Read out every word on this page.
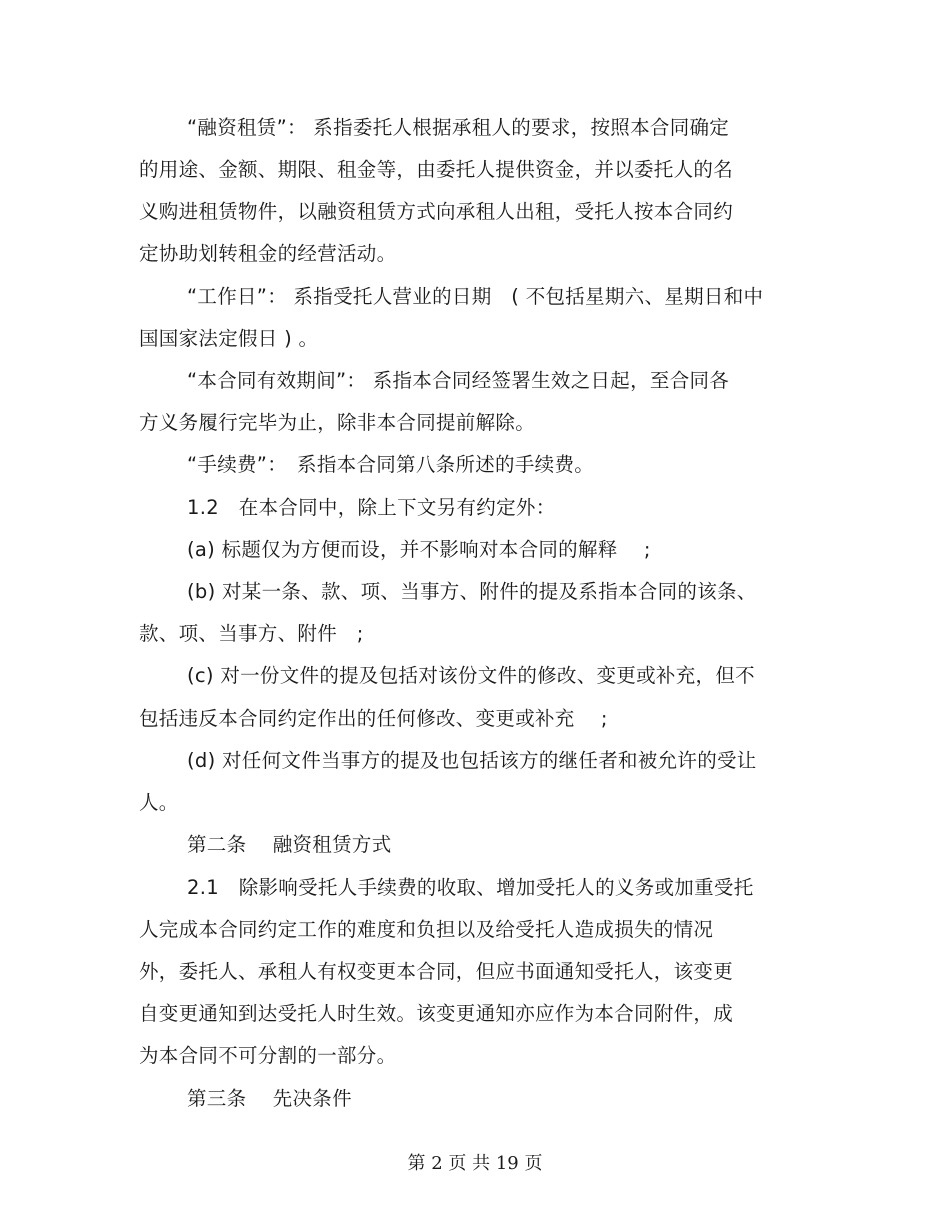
“融资租赁”： 系指委托人根据承租人的要求，按照本合同确定
的用途、金额、期限、租金等，由委托人提供资金，并以委托人的名
义购进租赁物件，以融资租赁方式向承租人出租，受托人按本合同约
定协助划转租金的经营活动。
“工作日”： 系指受托人营业的日期　( 不包括星期六、星期日和中
国国家法定假日 ) 。
“本合同有效期间”： 系指本合同经签署生效之日起，至合同各
方义务履行完毕为止，除非本合同提前解除。
“手续费”：　系指本合同第八条所述的手续费。
1.2　在本合同中，除上下文另有约定外：
(a) 标题仅为方便而设，并不影响对本合同的解释　 ;
(b) 对某一条、款、项、当事方、附件的提及系指本合同的该条、
款、项、当事方、附件　;
(c) 对一份文件的提及包括对该份文件的修改、变更或补充，但不
包括违反本合同约定作出的任何修改、变更或补充　 ;
(d) 对任何文件当事方的提及也包括该方的继任者和被允许的受让
人。
第二条　 融资租赁方式
2.1　除影响受托人手续费的收取、增加受托人的义务或加重受托
人完成本合同约定工作的难度和负担以及给受托人造成损失的情况
外，委托人、承租人有权变更本合同，但应书面通知受托人，该变更
自变更通知到达受托人时生效。该变更通知亦应作为本合同附件，成
为本合同不可分割的一部分。
第三条　 先决条件
第 2 页 共 19 页
